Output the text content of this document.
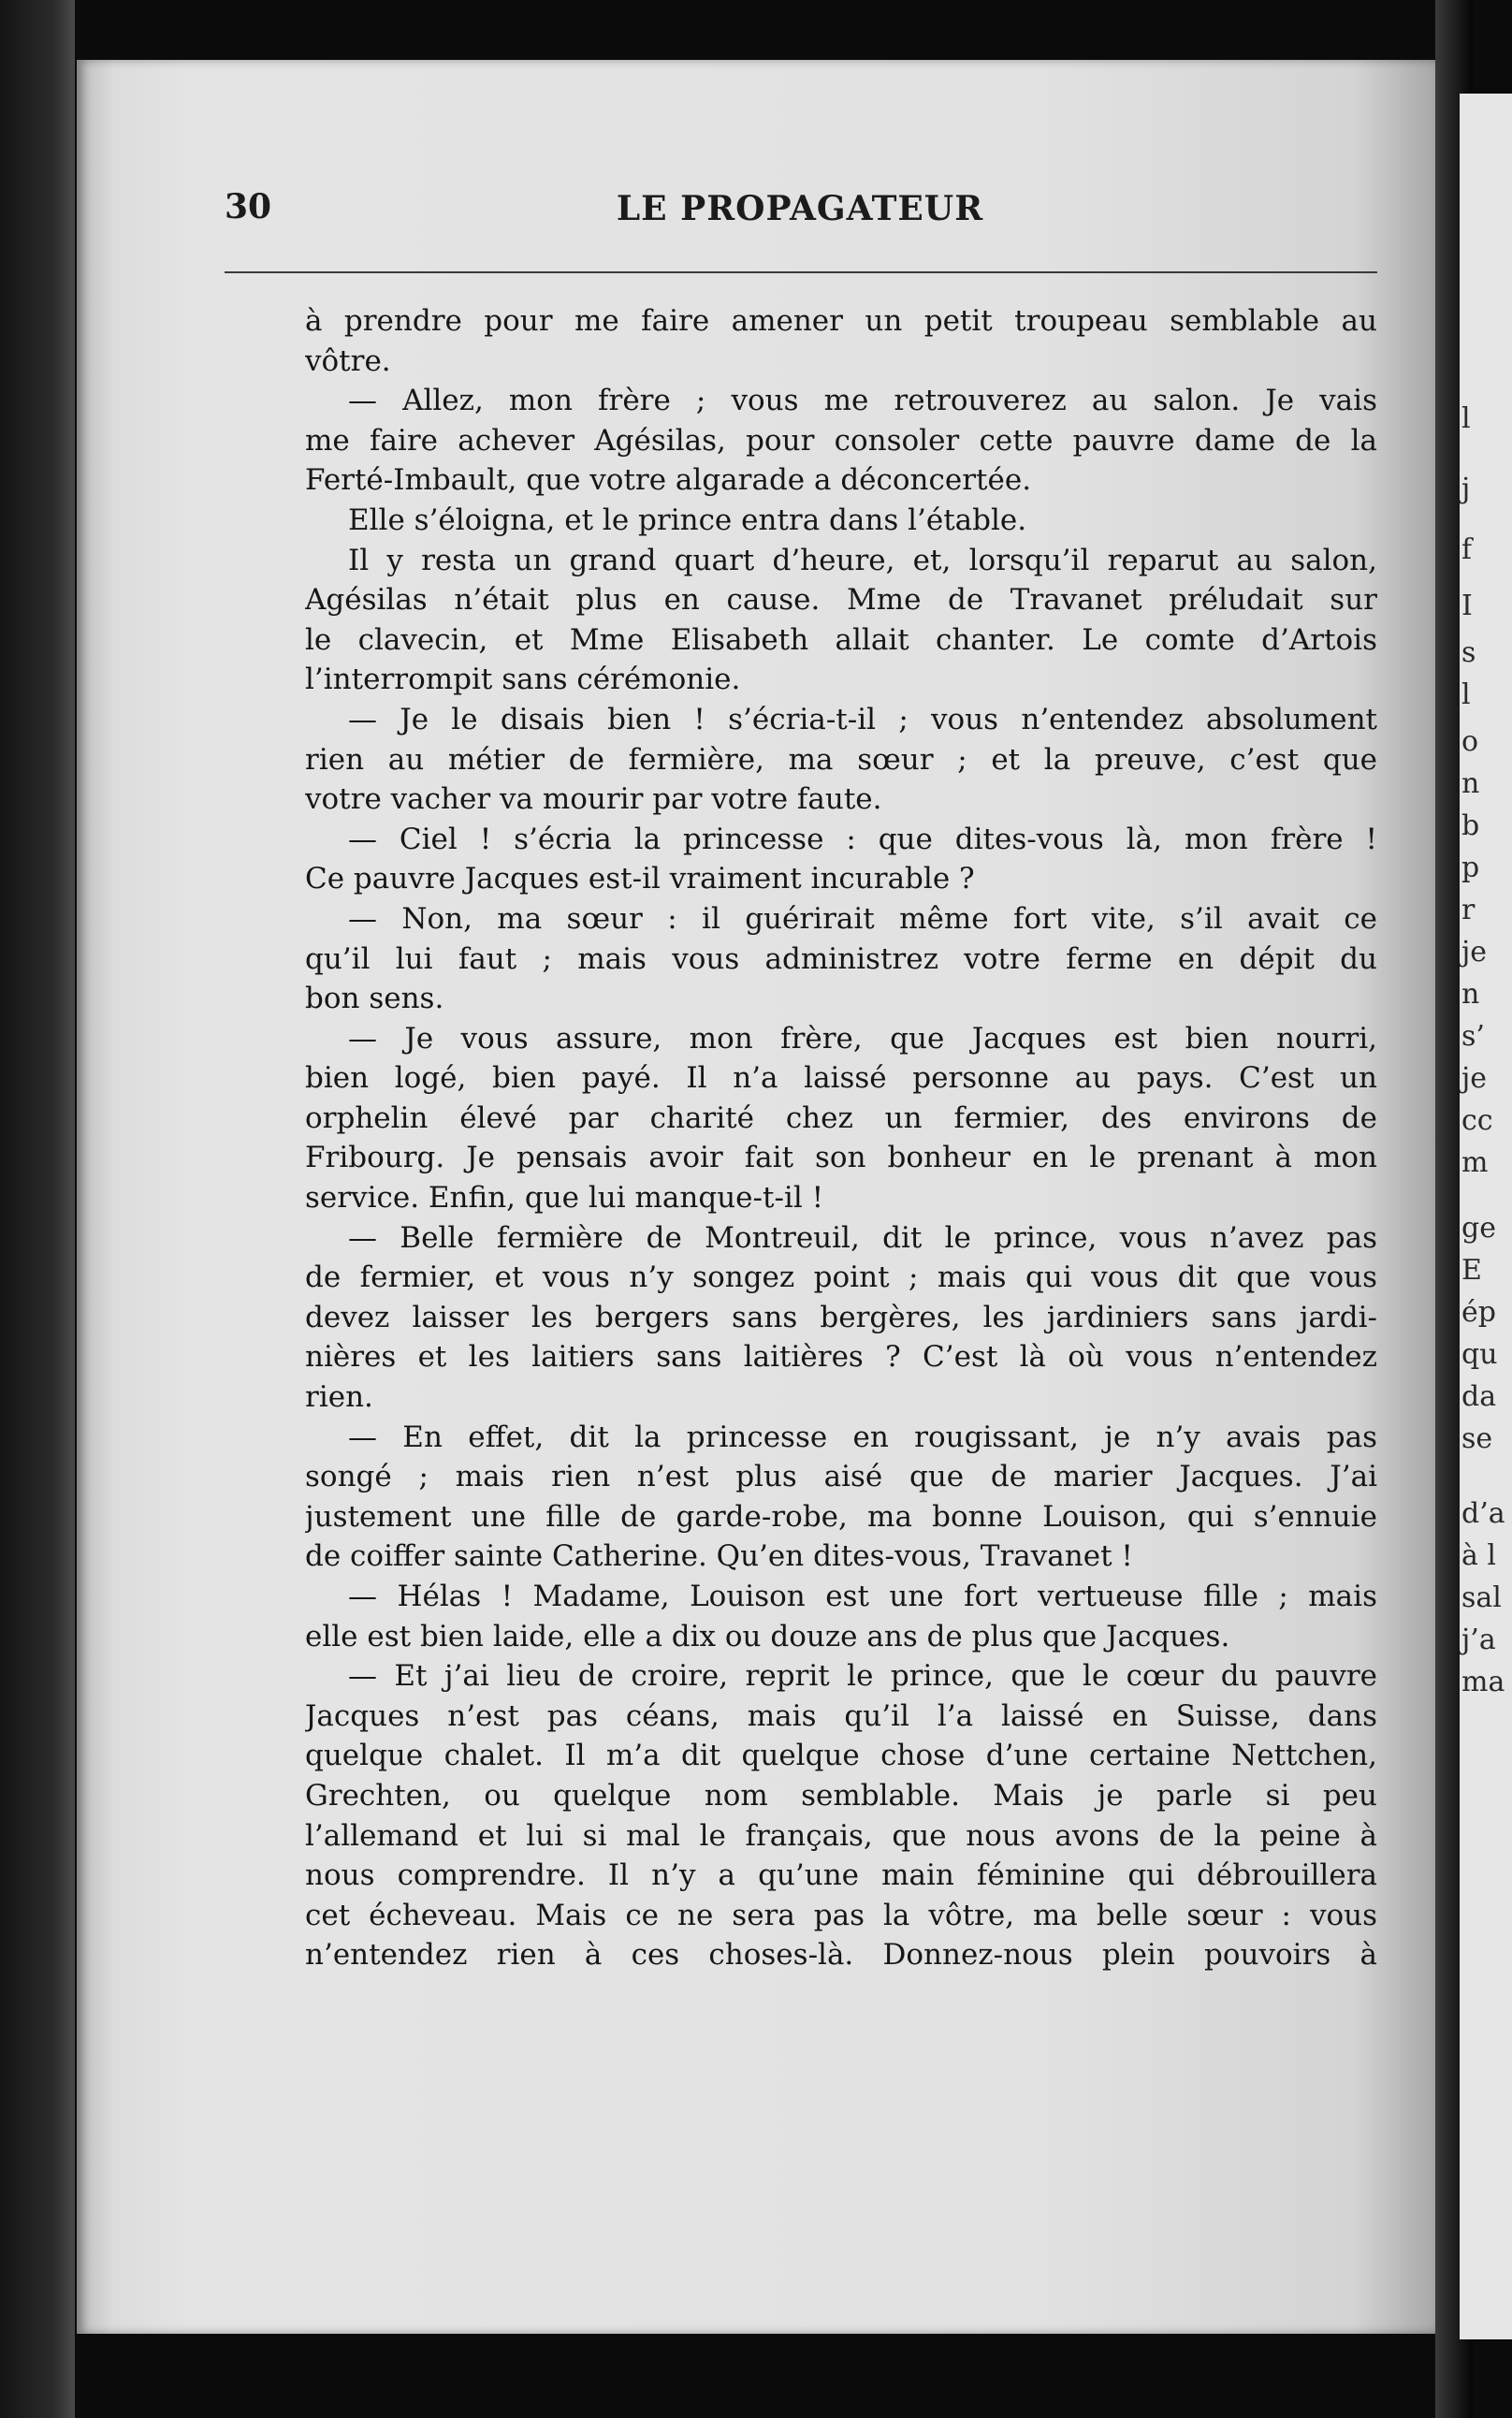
30	LE PROPAGATEUR
à prendre pour me faire amener un petit troupeau semblable au
vôtre.
— Allez, mon frère ; vous me retrouverez au salon. Je vais
me faire achever Agésilas, pour consoler cette pauvre dame de la
Ferté-Imbault, que votre algarade a déconcertée.
Elle s’éloigna, et le prince entra dans l’étable.
Il y resta un grand quart d’heure, et, lorsqu’il reparut au salon,
Agésilas n’était plus en cause. Mme de Travanet préludait sur
le clavecin, et Mme Elisabeth allait chanter. Le comte d’Artois
l’interrompit sans cérémonie.
— Je le disais bien ! s’écria-t-il ; vous n’entendez absolument
rien au métier de fermière, ma sœur ; et la preuve, c’est que
votre vacher va mourir par votre faute.
— Ciel ! s’écria la princesse : que dites-vous là, mon frère !
Ce pauvre Jacques est-il vraiment incurable ?
— Non, ma sœur : il guérirait même fort vite, s’il avait ce
qu’il lui faut ; mais vous administrez votre ferme en dépit du
bon sens.
— Je vous assure, mon frère, que Jacques est bien nourri,
bien logé, bien payé. Il n’a laissé personne au pays. C’est un
orphelin élevé par charité chez un fermier, des environs de
Fribourg. Je pensais avoir fait son bonheur en le prenant à mon
service. Enfin, que lui manque-t-il !
— Belle fermière de Montreuil, dit le prince, vous n’avez pas
de fermier, et vous n’y songez point ; mais qui vous dit que vous
devez laisser les bergers sans bergères, les jardiniers sans jardi-
nières et les laitiers sans laitières ? C’est là où vous n’entendez
rien.
— En effet, dit la princesse en rougissant, je n’y avais pas
songé ; mais rien n’est plus aisé que de marier Jacques. J’ai
justement une fille de garde-robe, ma bonne Louison, qui s’ennuie
de coiffer sainte Catherine. Qu’en dites-vous, Travanet !
— Hélas ! Madame, Louison est une fort vertueuse fille ; mais
elle est bien laide, elle a dix ou douze ans de plus que Jacques.
— Et j’ai lieu de croire, reprit le prince, que le cœur du pauvre
Jacques n’est pas céans, mais qu’il l’a laissé en Suisse, dans
quelque chalet. Il m’a dit quelque chose d’une certaine Nettchen,
Grechten, ou quelque nom semblable. Mais je parle si peu
l’allemand et lui si mal le français, que nous avons de la peine à
nous comprendre. Il n’y a qu’une main féminine qui débrouillera
cet écheveau. Mais ce ne sera pas la vôtre, ma belle sœur : vous
n’entendez rien à ces choses-là. Donnez-nous plein pouvoirs à
l
j
f
I
s
l
o
n
b
p
r
je
n
s’
je
cc
m
ge
E
ép
qu
da
se
d’a
à l
sal
j’a
ma
